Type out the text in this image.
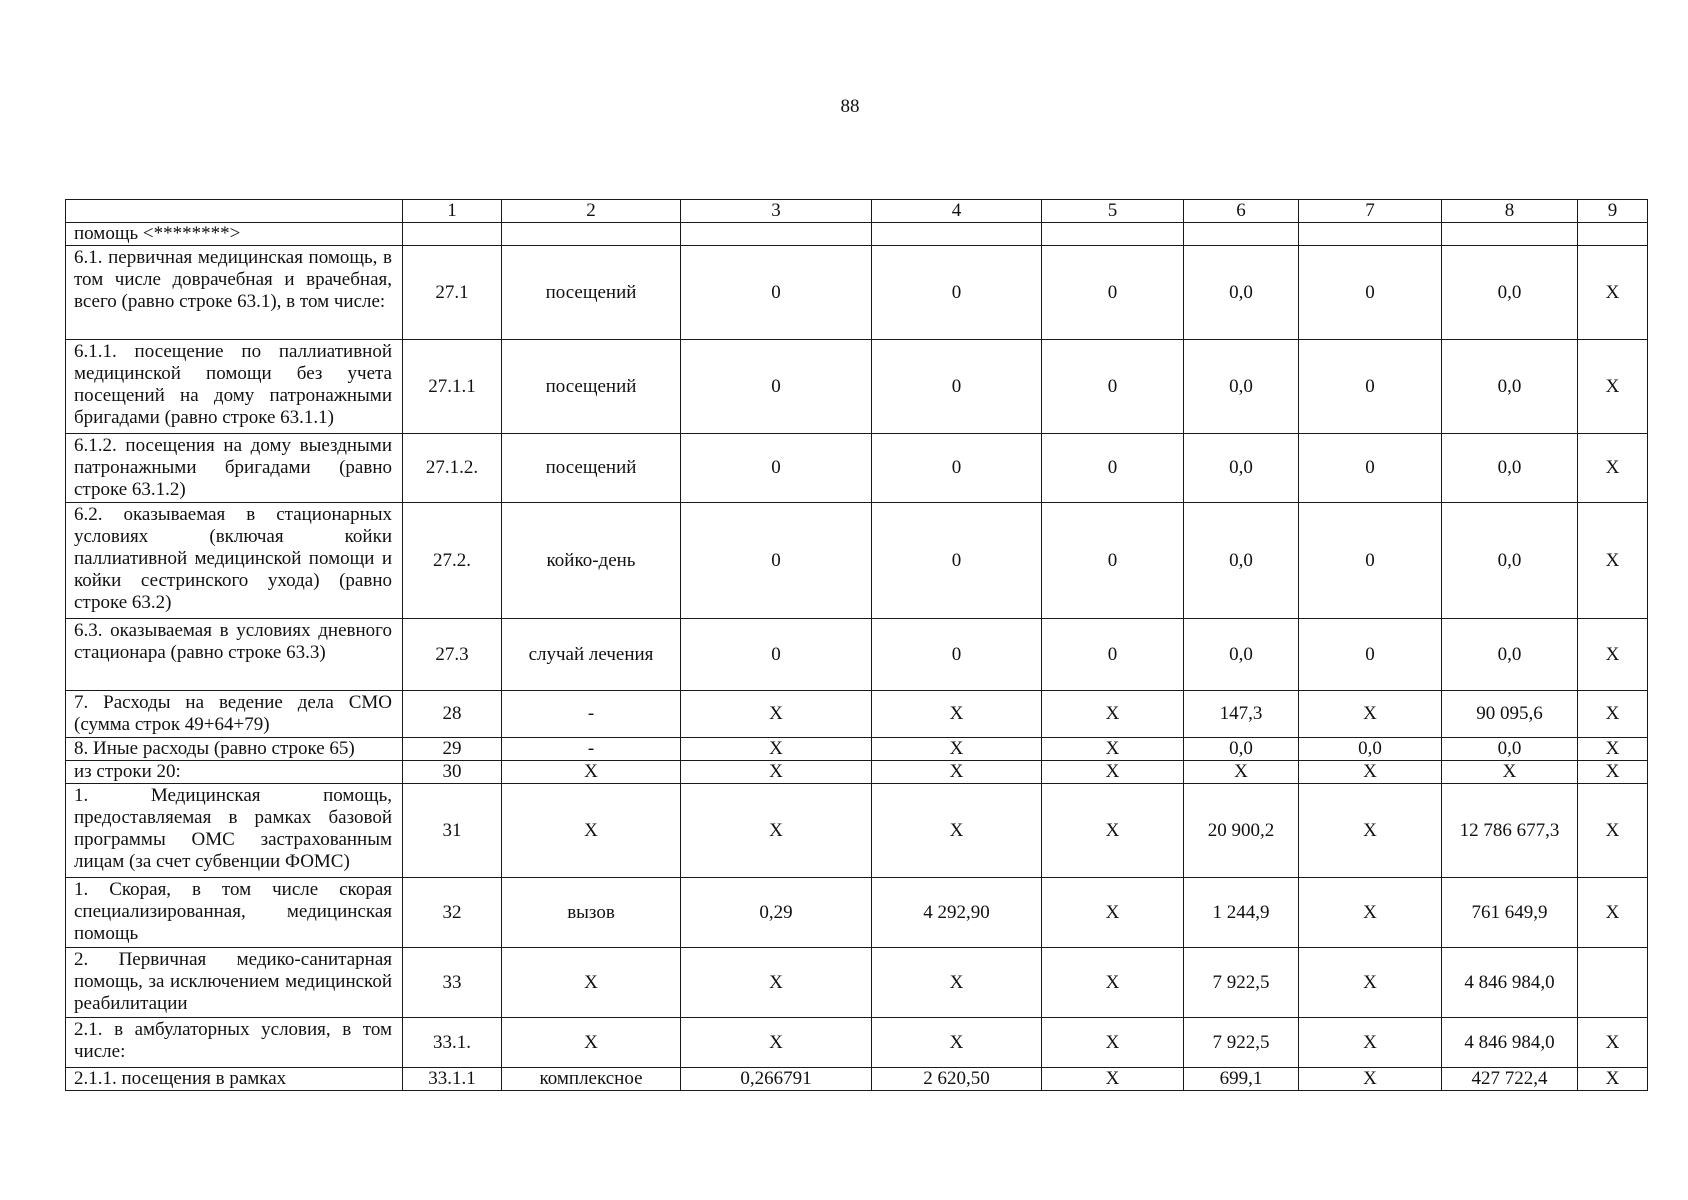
88
	1	2	3	4	5	6	7	8	9
помощь <********>									
6.1. первичная медицинская помощь, в том числе доврачебная и врачебная, всего (равно строке 63.1), в том числе:	27.1	посещений	0	0	0	0,0	0	0,0	X
6.1.1. посещение по паллиативной медицинской помощи без учета посещений на дому патронажными бригадами (равно строке 63.1.1)	27.1.1	посещений	0	0	0	0,0	0	0,0	X
6.1.2. посещения на дому выездными патронажными бригадами (равно строке 63.1.2)	27.1.2.	посещений	0	0	0	0,0	0	0,0	X
6.2. оказываемая в стационарных условиях (включая койки паллиативной медицинской помощи и койки сестринского ухода) (равно строке 63.2)	27.2.	койко-день	0	0	0	0,0	0	0,0	X
6.3. оказываемая в условиях дневного стационара (равно строке 63.3)	27.3	случай лечения	0	0	0	0,0	0	0,0	X
7. Расходы на ведение дела СМО (сумма строк 49+64+79)	28	-	X	X	X	147,3	X	90 095,6	X
8. Иные расходы (равно строке 65)	29	-	X	X	X	0,0	0,0	0,0	X
из строки 20:	30	X	X	X	X	X	X	X	X
1. Медицинская помощь, предоставляемая в рамках базовой программы ОМС застрахованным лицам (за счет субвенции ФОМС)	31	X	X	X	X	20 900,2	X	12 786 677,3	X
1. Скорая, в том числе скорая специализированная, медицинская помощь	32	вызов	0,29	4 292,90	X	1 244,9	X	761 649,9	X
2. Первичная медико-санитарная помощь, за исключением медицинской реабилитации	33	X	X	X	X	7 922,5	X	4 846 984,0	
2.1. в амбулаторных условия, в том числе:	33.1.	X	X	X	X	7 922,5	X	4 846 984,0	X
2.1.1. посещения в рамках	33.1.1	комплексное	0,266791	2 620,50	X	699,1	X	427 722,4	X
